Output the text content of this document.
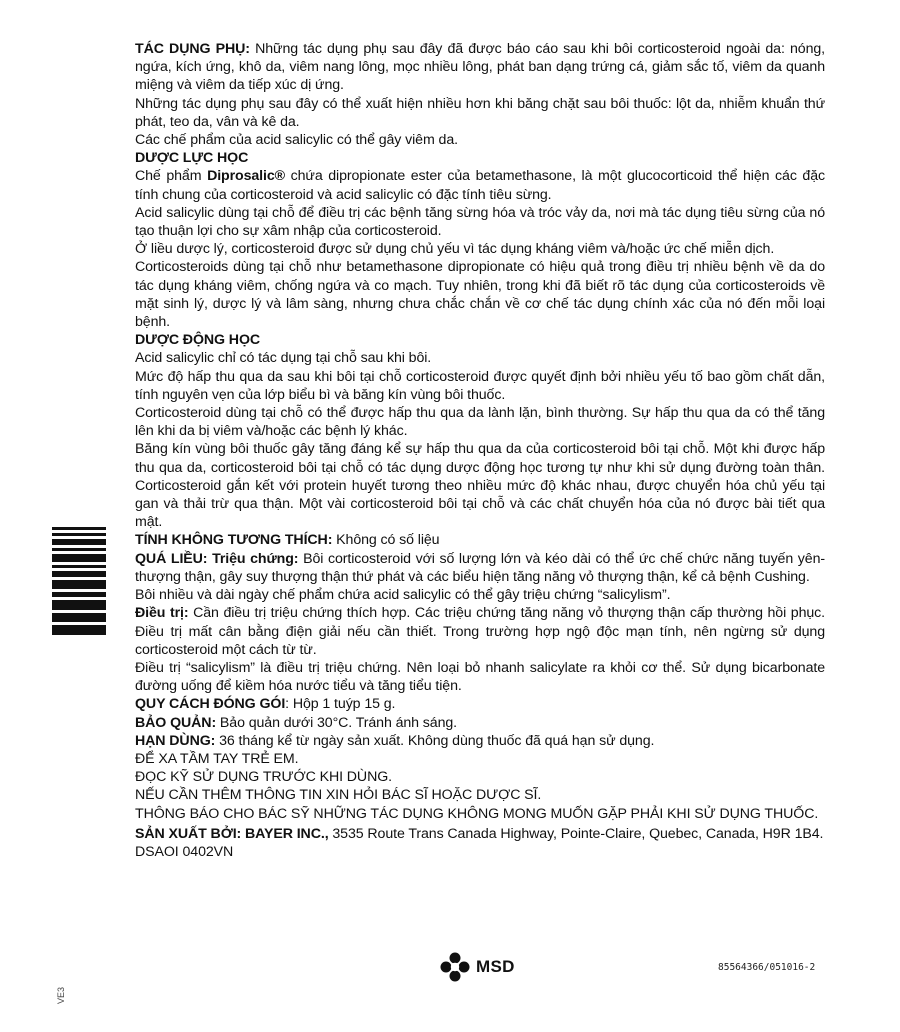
TÁC DỤNG PHỤ: Những tác dụng phụ sau đây đã được báo cáo sau khi bôi corticosteroid ngoài da: nóng, ngứa, kích ứng, khô da, viêm nang lông, mọc nhiều lông, phát ban dạng trứng cá, giảm sắc tố, viêm da quanh miệng và viêm da tiếp xúc dị ứng.

Những tác dụng phụ sau đây có thể xuất hiện nhiều hơn khi băng chặt sau bôi thuốc: lột da, nhiễm khuẩn thứ phát, teo da, vân và kê da.

Các chế phẩm của acid salicylic có thể gây viêm da.

DƯỢC LỰC HỌC

Chế phẩm Diprosalic® chứa dipropionate ester của betamethasone, là một glucocorticoid thể hiện các đặc tính chung của corticosteroid và acid salicylic có đặc tính tiêu sừng.

Acid salicylic dùng tại chỗ để điều trị các bệnh tăng sừng hóa và tróc vảy da, nơi mà tác dụng tiêu sừng của nó tạo thuận lợi cho sự xâm nhập của corticosteroid.

Ở liều dược lý, corticosteroid được sử dụng chủ yếu vì tác dụng kháng viêm và/hoặc ức chế miễn dịch.

Corticosteroids dùng tại chỗ như betamethasone dipropionate có hiệu quả trong điều trị nhiều bệnh về da do tác dụng kháng viêm, chống ngứa và co mạch. Tuy nhiên, trong khi đã biết rõ tác dụng của corticosteroids về mặt sinh lý, dược lý và lâm sàng, nhưng chưa chắc chắn về cơ chế tác dụng chính xác của nó đến mỗi loại bệnh.

DƯỢC ĐỘNG HỌC

Acid salicylic chỉ có tác dụng tại chỗ sau khi bôi.

Mức độ hấp thu qua da sau khi bôi tại chỗ corticosteroid được quyết định bởi nhiều yếu tố bao gồm chất dẫn, tính nguyên vẹn của lớp biểu bì và băng kín vùng bôi thuốc.

Corticosteroid dùng tại chỗ có thể được hấp thu qua da lành lặn, bình thường. Sự hấp thu qua da có thể tăng lên khi da bị viêm và/hoặc các bệnh lý khác.

Băng kín vùng bôi thuốc gây tăng đáng kể sự hấp thu qua da của corticosteroid bôi tại chỗ. Một khi được hấp thu qua da, corticosteroid bôi tại chỗ có tác dụng dược động học tương tự như khi sử dụng đường toàn thân. Corticosteroid gắn kết với protein huyết tương theo nhiều mức độ khác nhau, được chuyển hóa chủ yếu tại gan và thải trừ qua thận. Một vài corticosteroid bôi tại chỗ và các chất chuyển hóa của nó được bài tiết qua mật.

TÍNH KHÔNG TƯƠNG THÍCH: Không có số liệu

QUÁ LIỀU: Triệu chứng: Bôi corticosteroid với số lượng lớn và kéo dài có thể ức chế chức năng tuyến yên-thượng thận, gây suy thượng thận thứ phát và các biểu hiện tăng năng vỏ thượng thận, kể cả bệnh Cushing.

Bôi nhiều và dài ngày chế phẩm chứa acid salicylic có thể gây triệu chứng “salicylism”.

Điều trị: Cần điều trị triệu chứng thích hợp. Các triệu chứng tăng năng vỏ thượng thận cấp thường hồi phục. Điều trị mất cân bằng điện giải nếu cần thiết. Trong trường hợp ngộ độc mạn tính, nên ngừng sử dụng corticosteroid một cách từ từ.

Điều trị “salicylism” là điều trị triệu chứng. Nên loại bỏ nhanh salicylate ra khỏi cơ thể. Sử dụng bicarbonate đường uống để kiềm hóa nước tiểu và tăng tiểu tiện.

QUY CÁCH ĐÓNG GÓI: Hộp 1 tuýp 15 g.

BẢO QUẢN: Bảo quản dưới 30°C. Tránh ánh sáng.

HẠN DÙNG: 36 tháng kể từ ngày sản xuất. Không dùng thuốc đã quá hạn sử dụng.

ĐỂ XA TẦM TAY TRẺ EM.

ĐỌC KỸ SỬ DỤNG TRƯỚC KHI DÙNG.

NẾU CẦN THÊM THÔNG TIN XIN HỎI BÁC SĨ HOẶC DƯỢC SĨ.

THÔNG BÁO CHO BÁC SỸ NHỮNG TÁC DỤNG KHÔNG MONG MUỐN GẶP PHẢI KHI SỬ DỤNG THUỐC.

SẢN XUẤT BỞI: BAYER INC., 3535 Route Trans Canada Highway, Pointe-Claire, Quebec, Canada, H9R 1B4.

DSAOI 0402VN

MSD	85564366/051016-2
VE3
